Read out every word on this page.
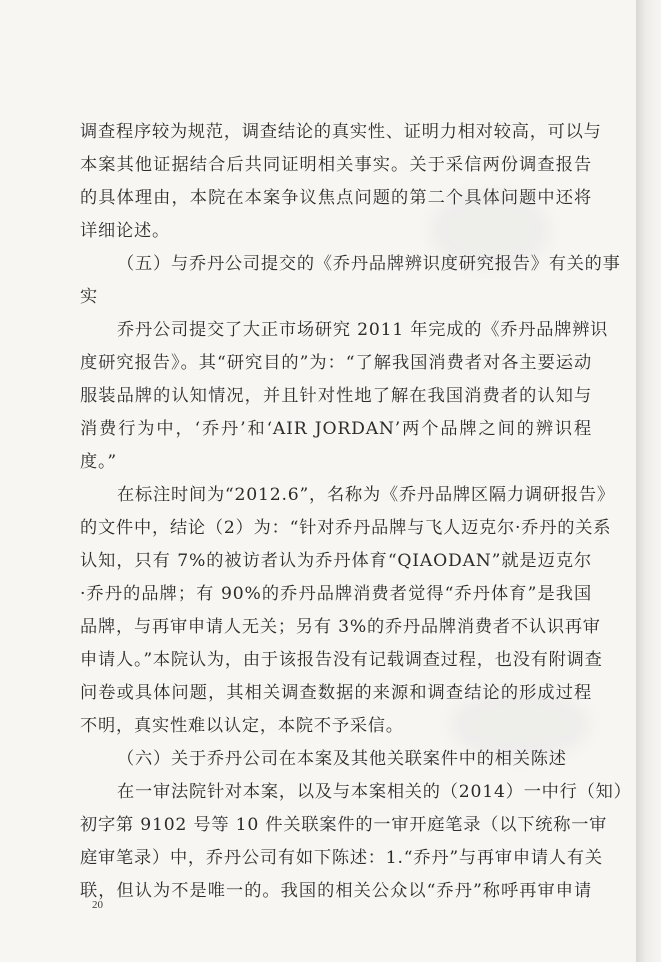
调查程序较为规范，调查结论的真实性、证明力相对较高，可以与
本案其他证据结合后共同证明相关事实。关于采信两份调查报告
的具体理由，本院在本案争议焦点问题的第二个具体问题中还将
详细论述。
（五）与乔丹公司提交的《乔丹品牌辨识度研究报告》有关的事
实
乔丹公司提交了大正市场研究 2011 年完成的《乔丹品牌辨识
度研究报告》。其“研究目的”为：“了解我国消费者对各主要运动
服装品牌的认知情况，并且针对性地了解在我国消费者的认知与
消费行为中，‘乔丹’和‘AIR JORDAN’两个品牌之间的辨识程
度。”
在标注时间为“2012.6”，名称为《乔丹品牌区隔力调研报告》
的文件中，结论（2）为：“针对乔丹品牌与飞人迈克尔·乔丹的关系
认知，只有 7%的被访者认为乔丹体育“QIAODAN”就是迈克尔
·乔丹的品牌；有 90%的乔丹品牌消费者觉得“乔丹体育”是我国
品牌，与再审申请人无关；另有 3%的乔丹品牌消费者不认识再审
申请人。”本院认为，由于该报告没有记载调查过程，也没有附调查
问卷或具体问题，其相关调查数据的来源和调查结论的形成过程
不明，真实性难以认定，本院不予采信。
（六）关于乔丹公司在本案及其他关联案件中的相关陈述
在一审法院针对本案，以及与本案相关的（2014）一中行（知）
初字第 9102 号等 10 件关联案件的一审开庭笔录（以下统称一审
庭审笔录）中，乔丹公司有如下陈述：1.“乔丹”与再审申请人有关
联，但认为不是唯一的。我国的相关公众以“乔丹”称呼再审申请
20
